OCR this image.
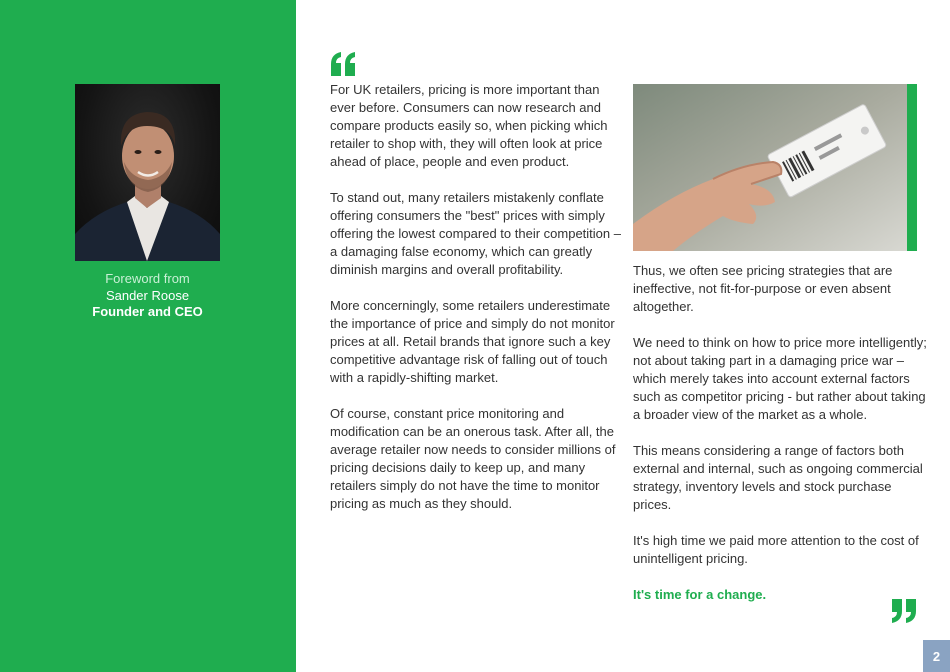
Foreword from
Sander Roose
Founder and CEO

For UK retailers, pricing is more important than ever before. Consumers can now research and compare products easily so, when picking which retailer to shop with, they will often look at price ahead of place, people and even product.

To stand out, many retailers mistakenly conflate offering consumers the "best" prices with simply offering the lowest compared to their competition – a damaging false economy, which can greatly diminish margins and overall profitability.

More concerningly, some retailers underestimate the importance of price and simply do not monitor prices at all. Retail brands that ignore such a key competitive advantage risk of falling out of touch with a rapidly-shifting market.

Of course, constant price monitoring and modification can be an onerous task. After all, the average retailer now needs to consider millions of pricing decisions daily to keep up, and many retailers simply do not have the time to monitor pricing as much as they should.

Thus, we often see pricing strategies that are ineffective, not fit-for-purpose or even absent altogether.

We need to think on how to price more intelligently; not about taking part in a damaging price war – which merely takes into account external factors such as competitor pricing - but rather about taking a broader view of the market as a whole.

This means considering a range of factors both external and internal, such as ongoing commercial strategy, inventory levels and stock purchase prices.

It's high time we paid more attention to the cost of unintelligent pricing.

It's time for a change.

2
